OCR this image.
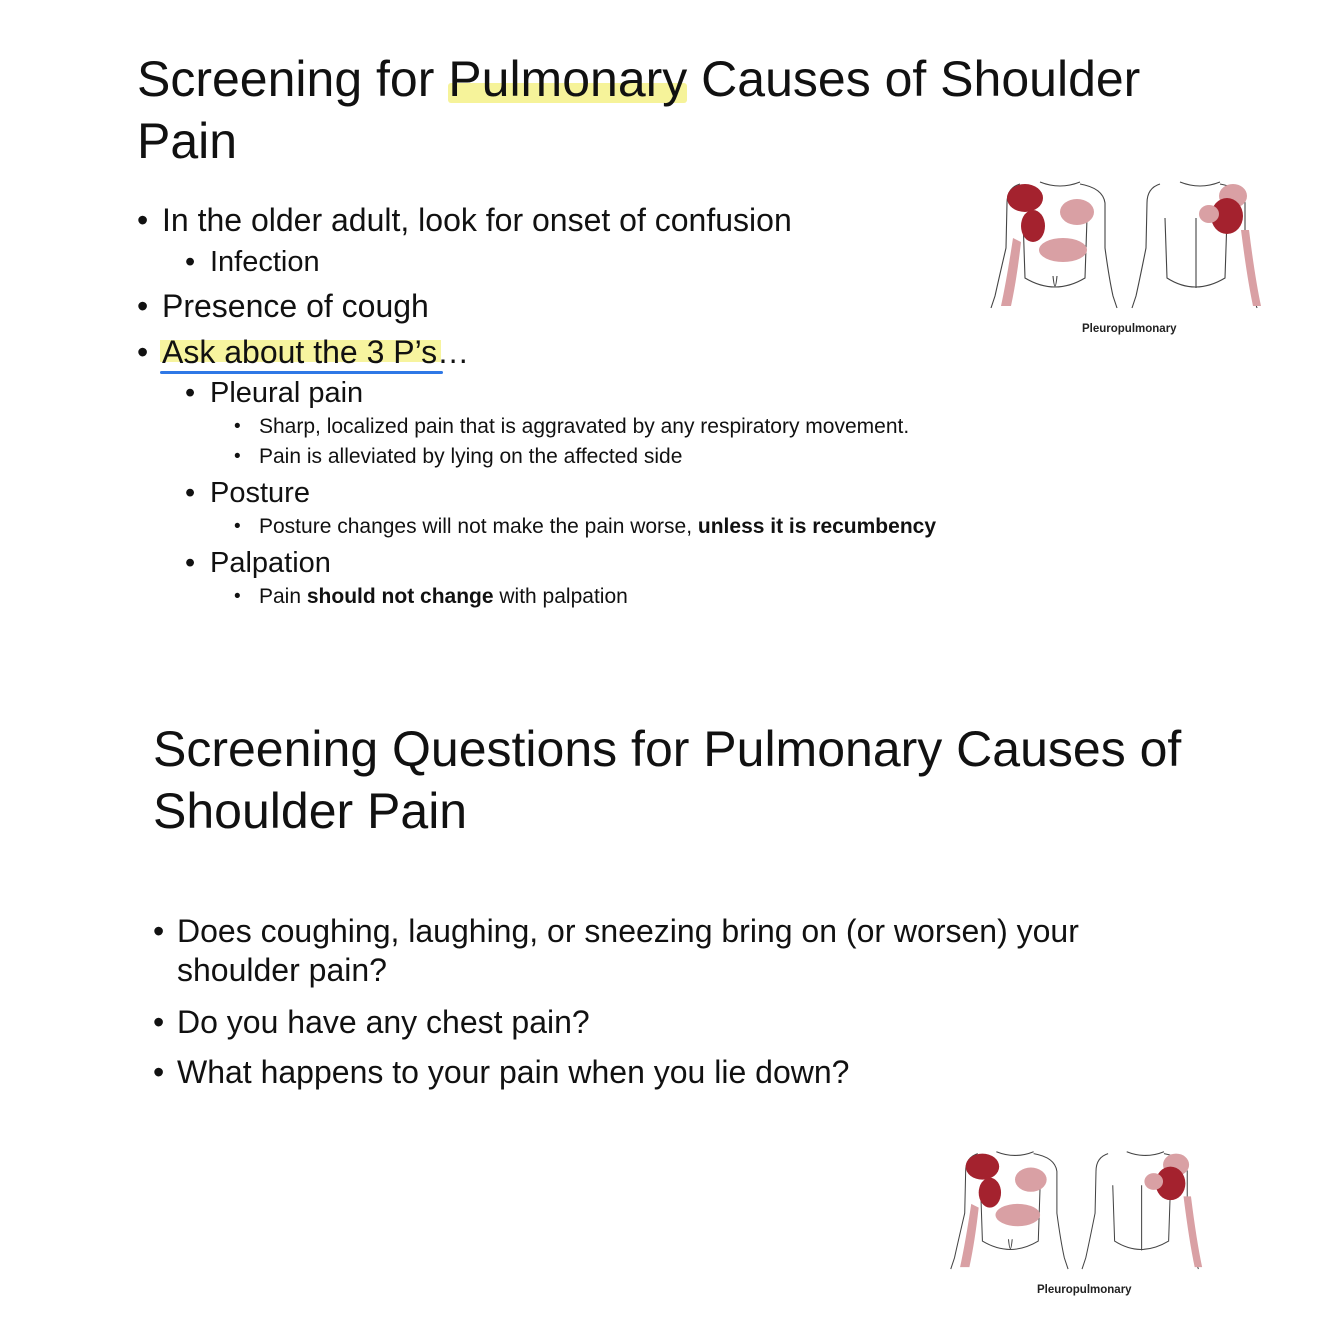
Screening for Pulmonary Causes of Shoulder Pain
• In the older adult, look for onset of confusion
• Infection
• Presence of cough
• Ask about the 3 P’s…
• Pleural pain
• Sharp, localized pain that is aggravated by any respiratory movement.
• Pain is alleviated by lying on the affected side
• Posture
• Posture changes will not make the pain worse, unless it is recumbency
• Palpation
• Pain should not change with palpation
Pleuropulmonary
Screening Questions for Pulmonary Causes of Shoulder Pain
• Does coughing, laughing, or sneezing bring on (or worsen) your shoulder pain?
• Do you have any chest pain?
• What happens to your pain when you lie down?
Pleuropulmonary
